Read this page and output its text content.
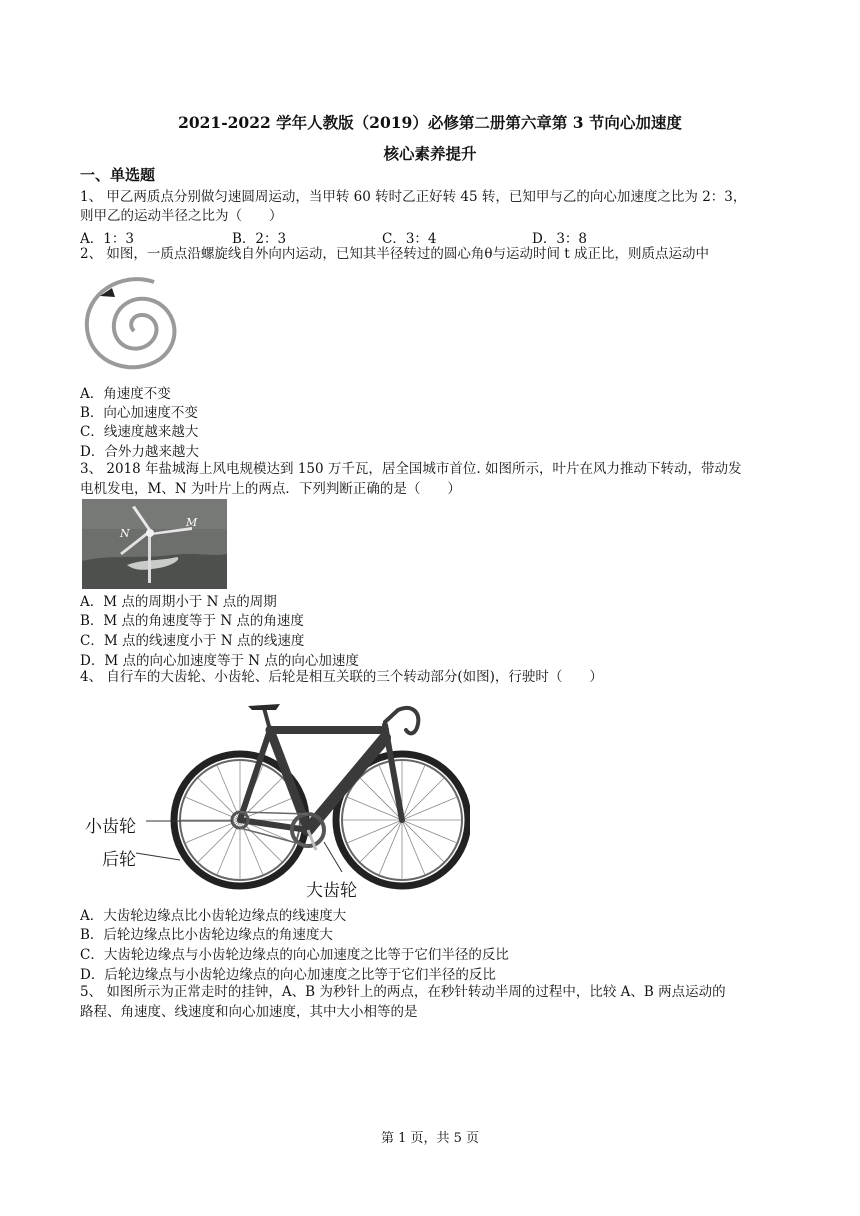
2021-2022 学年人教版（2019）必修第二册第六章第 3 节向心加速度
核心素养提升
一、单选题
1、 甲乙两质点分别做匀速圆周运动，当甲转 60 转时乙正好转 45 转，已知甲与乙的向心加速度之比为 2：3，
则甲乙的运动半径之比为（　　）
A．1：3	B．2：3	C．3：4	D．3：8
2、 如图，一质点沿螺旋线自外向内运动，已知其半径转过的圆心角θ与运动时间 t 成正比，则质点运动中
A．角速度不变
B．向心加速度不变
C．线速度越来越大
D．合外力越来越大
3、 2018 年盐城海上风电规模达到 150 万千瓦，居全国城市首位. 如图所示，叶片在风力推动下转动，带动发
电机发电，M、N 为叶片上的两点．下列判断正确的是（　　）
N
M
A．M 点的周期小于 N 点的周期
B．M 点的角速度等于 N 点的角速度
C．M 点的线速度小于 N 点的线速度
D．M 点的向心加速度等于 N 点的向心加速度
4、 自行车的大齿轮、小齿轮、后轮是相互关联的三个转动部分(如图)，行驶时（　　）
小齿轮
后轮
大齿轮
A．大齿轮边缘点比小齿轮边缘点的线速度大
B．后轮边缘点比小齿轮边缘点的角速度大
C．大齿轮边缘点与小齿轮边缘点的向心加速度之比等于它们半径的反比
D．后轮边缘点与小齿轮边缘点的向心加速度之比等于它们半径的反比
5、 如图所示为正常走时的挂钟，A、B 为秒针上的两点，在秒针转动半周的过程中，比较 A、B 两点运动的
路程、角速度、线速度和向心加速度，其中大小相等的是
第 1 页，共 5 页
